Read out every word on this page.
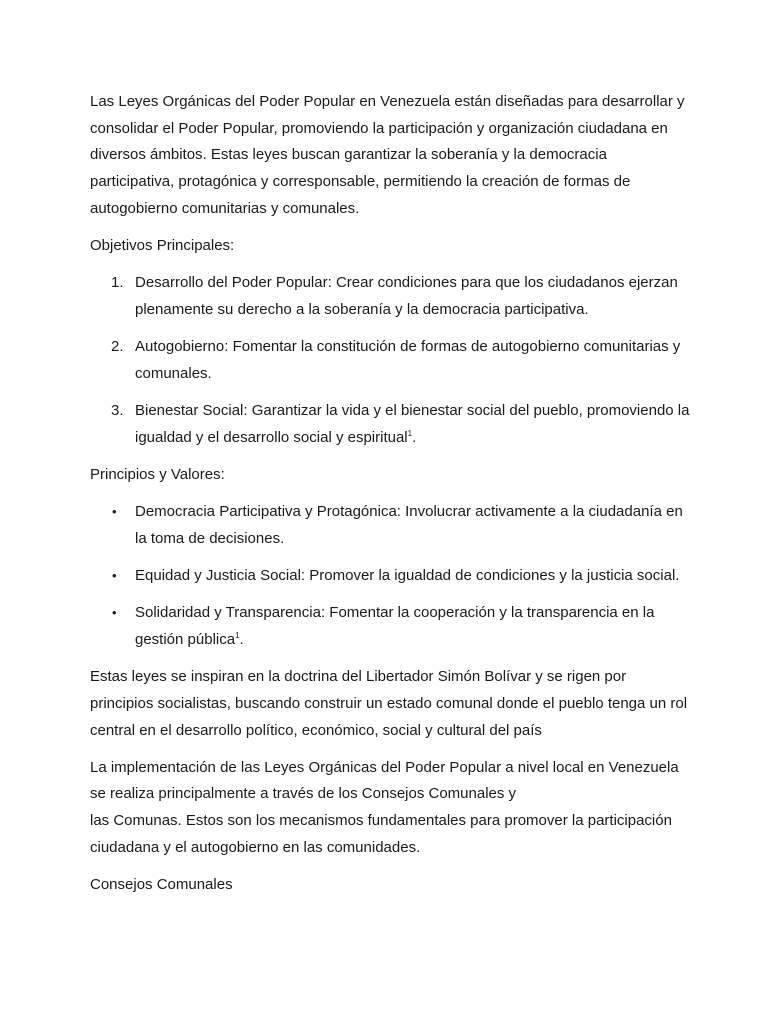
Las Leyes Orgánicas del Poder Popular en Venezuela están diseñadas para desarrollar y consolidar el Poder Popular, promoviendo la participación y organización ciudadana en diversos ámbitos. Estas leyes buscan garantizar la soberanía y la democracia participativa, protagónica y corresponsable, permitiendo la creación de formas de autogobierno comunitarias y comunales.

Objetivos Principales:

1. Desarrollo del Poder Popular: Crear condiciones para que los ciudadanos ejerzan plenamente su derecho a la soberanía y la democracia participativa.
2. Autogobierno: Fomentar la constitución de formas de autogobierno comunitarias y comunales.
3. Bienestar Social: Garantizar la vida y el bienestar social del pueblo, promoviendo la igualdad y el desarrollo social y espiritual$^1$.

Principios y Valores:

• Democracia Participativa y Protagónica: Involucrar activamente a la ciudadanía en la toma de decisiones.
• Equidad y Justicia Social: Promover la igualdad de condiciones y la justicia social.
• Solidaridad y Transparencia: Fomentar la cooperación y la transparencia en la gestión pública$^1$.

Estas leyes se inspiran en la doctrina del Libertador Simón Bolívar y se rigen por principios socialistas, buscando construir un estado comunal donde el pueblo tenga un rol central en el desarrollo político, económico, social y cultural del país

La implementación de las Leyes Orgánicas del Poder Popular a nivel local en Venezuela se realiza principalmente a través de los Consejos Comunales y
las Comunas. Estos son los mecanismos fundamentales para promover la participación ciudadana y el autogobierno en las comunidades.

Consejos Comunales
